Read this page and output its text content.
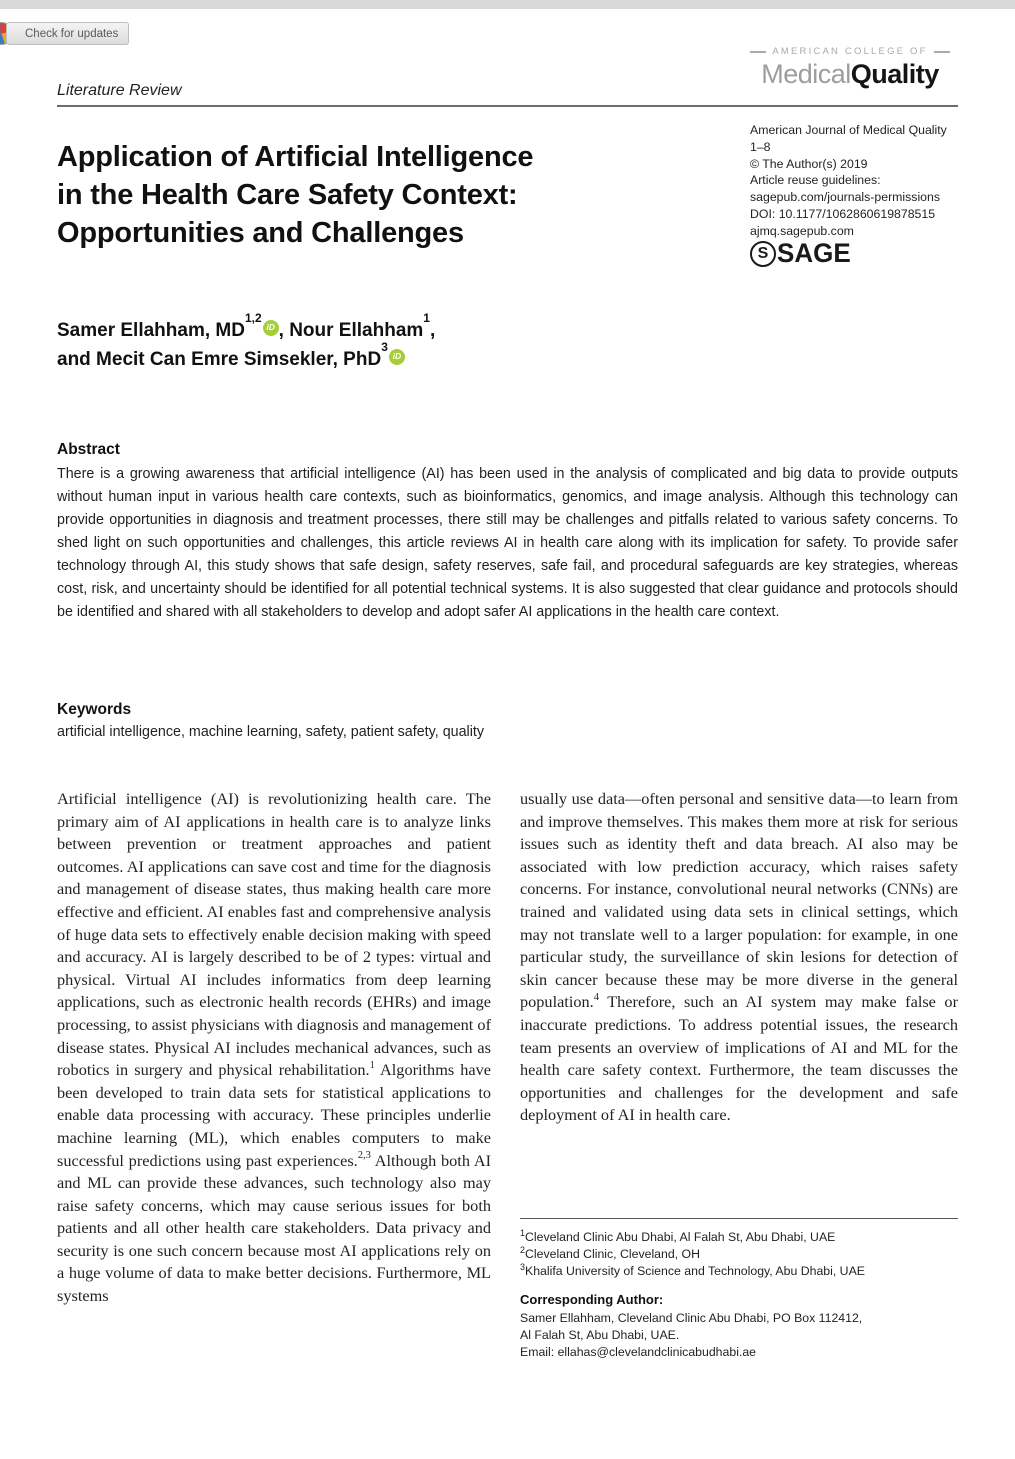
Check for updates
Literature Review
AMERICAN COLLEGE OF
MedicalQuality
American Journal of Medical Quality
1–8
© The Author(s) 2019
Article reuse guidelines:
sagepub.com/journals-permissions
DOI: 10.1177/1062860619878515
ajmq.sagepub.com
S SAGE
Application of Artificial Intelligence
in the Health Care Safety Context:
Opportunities and Challenges
Samer Ellahham, MD$^{1,2}$iD , Nour Ellahham$^1$,
and Mecit Can Emre Simsekler, PhD$^3$iD
Abstract
There is a growing awareness that artificial intelligence (AI) has been used in the analysis of complicated and big data to provide outputs without human input in various health care contexts, such as bioinformatics, genomics, and image analysis. Although this technology can provide opportunities in diagnosis and treatment processes, there still may be challenges and pitfalls related to various safety concerns. To shed light on such opportunities and challenges, this article reviews AI in health care along with its implication for safety. To provide safer technology through AI, this study shows that safe design, safety reserves, safe fail, and procedural safeguards are key strategies, whereas cost, risk, and uncertainty should be identified for all potential technical systems. It is also suggested that clear guidance and protocols should be identified and shared with all stakeholders to develop and adopt safer AI applications in the health care context.
Keywords
artificial intelligence, machine learning, safety, patient safety, quality
Artificial intelligence (AI) is revolutionizing health care. The primary aim of AI applications in health care is to analyze links between prevention or treatment approaches and patient outcomes. AI applications can save cost and time for the diagnosis and management of disease states, thus making health care more effective and efficient. AI enables fast and comprehensive analysis of huge data sets to effectively enable decision making with speed and accuracy. AI is largely described to be of 2 types: virtual and physical. Virtual AI includes informatics from deep learning applications, such as electronic health records (EHRs) and image processing, to assist physicians with diagnosis and management of disease states. Physical AI includes mechanical advances, such as robotics in surgery and physical rehabilitation.$^1$ Algorithms have been developed to train data sets for statistical applications to enable data processing with accuracy. These principles underlie machine learning (ML), which enables computers to make successful predictions using past experiences.$^{2,3}$ Although both AI and ML can provide these advances, such technology also may raise safety concerns, which may cause serious issues for both patients and all other health care stakeholders. Data privacy and security is one such concern because most AI applications rely on a huge volume of data to make better decisions. Furthermore, ML systems
usually use data—often personal and sensitive data—to learn from and improve themselves. This makes them more at risk for serious issues such as identity theft and data breach. AI also may be associated with low prediction accuracy, which raises safety concerns. For instance, convolutional neural networks (CNNs) are trained and validated using data sets in clinical settings, which may not translate well to a larger population: for example, in one particular study, the surveillance of skin lesions for detection of skin cancer because these may be more diverse in the general population.$^4$ Therefore, such an AI system may make false or inaccurate predictions. To address potential issues, the research team presents an overview of implications of AI and ML for the health care safety context. Furthermore, the team discusses the opportunities and challenges for the development and safe deployment of AI in health care.
$^1$Cleveland Clinic Abu Dhabi, Al Falah St, Abu Dhabi, UAE
$^2$Cleveland Clinic, Cleveland, OH
$^3$Khalifa University of Science and Technology, Abu Dhabi, UAE
Corresponding Author:
Samer Ellahham, Cleveland Clinic Abu Dhabi, PO Box 112412,
Al Falah St, Abu Dhabi, UAE.
Email: ellahas@clevelandclinicabudhabi.ae
